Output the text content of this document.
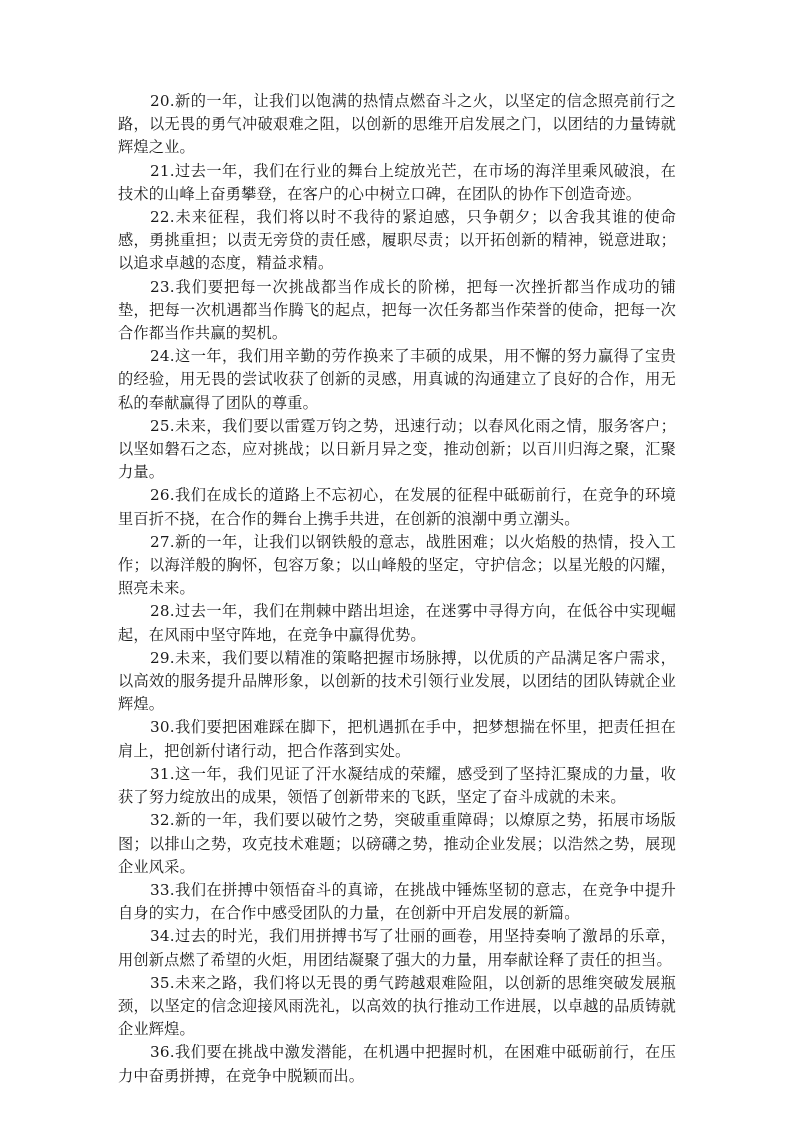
20.新的一年，让我们以饱满的热情点燃奋斗之火，以坚定的信念照亮前行之路，以无畏的勇气冲破艰难之阻，以创新的思维开启发展之门，以团结的力量铸就辉煌之业。

21.过去一年，我们在行业的舞台上绽放光芒，在市场的海洋里乘风破浪，在技术的山峰上奋勇攀登，在客户的心中树立口碑，在团队的协作下创造奇迹。

22.未来征程，我们将以时不我待的紧迫感，只争朝夕；以舍我其谁的使命感，勇挑重担；以责无旁贷的责任感，履职尽责；以开拓创新的精神，锐意进取；以追求卓越的态度，精益求精。

23.我们要把每一次挑战都当作成长的阶梯，把每一次挫折都当作成功的铺垫，把每一次机遇都当作腾飞的起点，把每一次任务都当作荣誉的使命，把每一次合作都当作共赢的契机。

24.这一年，我们用辛勤的劳作换来了丰硕的成果，用不懈的努力赢得了宝贵的经验，用无畏的尝试收获了创新的灵感，用真诚的沟通建立了良好的合作，用无私的奉献赢得了团队的尊重。

25.未来，我们要以雷霆万钧之势，迅速行动；以春风化雨之情，服务客户；以坚如磐石之态，应对挑战；以日新月异之变，推动创新；以百川归海之聚，汇聚力量。

26.我们在成长的道路上不忘初心，在发展的征程中砥砺前行，在竞争的环境里百折不挠，在合作的舞台上携手共进，在创新的浪潮中勇立潮头。

27.新的一年，让我们以钢铁般的意志，战胜困难；以火焰般的热情，投入工作；以海洋般的胸怀，包容万象；以山峰般的坚定，守护信念；以星光般的闪耀，照亮未来。

28.过去一年，我们在荆棘中踏出坦途，在迷雾中寻得方向，在低谷中实现崛起，在风雨中坚守阵地，在竞争中赢得优势。

29.未来，我们要以精准的策略把握市场脉搏，以优质的产品满足客户需求，以高效的服务提升品牌形象，以创新的技术引领行业发展，以团结的团队铸就企业辉煌。

30.我们要把困难踩在脚下，把机遇抓在手中，把梦想揣在怀里，把责任担在肩上，把创新付诸行动，把合作落到实处。

31.这一年，我们见证了汗水凝结成的荣耀，感受到了坚持汇聚成的力量，收获了努力绽放出的成果，领悟了创新带来的飞跃，坚定了奋斗成就的未来。

32.新的一年，我们要以破竹之势，突破重重障碍；以燎原之势，拓展市场版图；以排山之势，攻克技术难题；以磅礴之势，推动企业发展；以浩然之势，展现企业风采。

33.我们在拼搏中领悟奋斗的真谛，在挑战中锤炼坚韧的意志，在竞争中提升自身的实力，在合作中感受团队的力量，在创新中开启发展的新篇。

34.过去的时光，我们用拼搏书写了壮丽的画卷，用坚持奏响了激昂的乐章，用创新点燃了希望的火炬，用团结凝聚了强大的力量，用奉献诠释了责任的担当。

35.未来之路，我们将以无畏的勇气跨越艰难险阻，以创新的思维突破发展瓶颈，以坚定的信念迎接风雨洗礼，以高效的执行推动工作进展，以卓越的品质铸就企业辉煌。

36.我们要在挑战中激发潜能，在机遇中把握时机，在困难中砥砺前行，在压力中奋勇拼搏，在竞争中脱颖而出。
